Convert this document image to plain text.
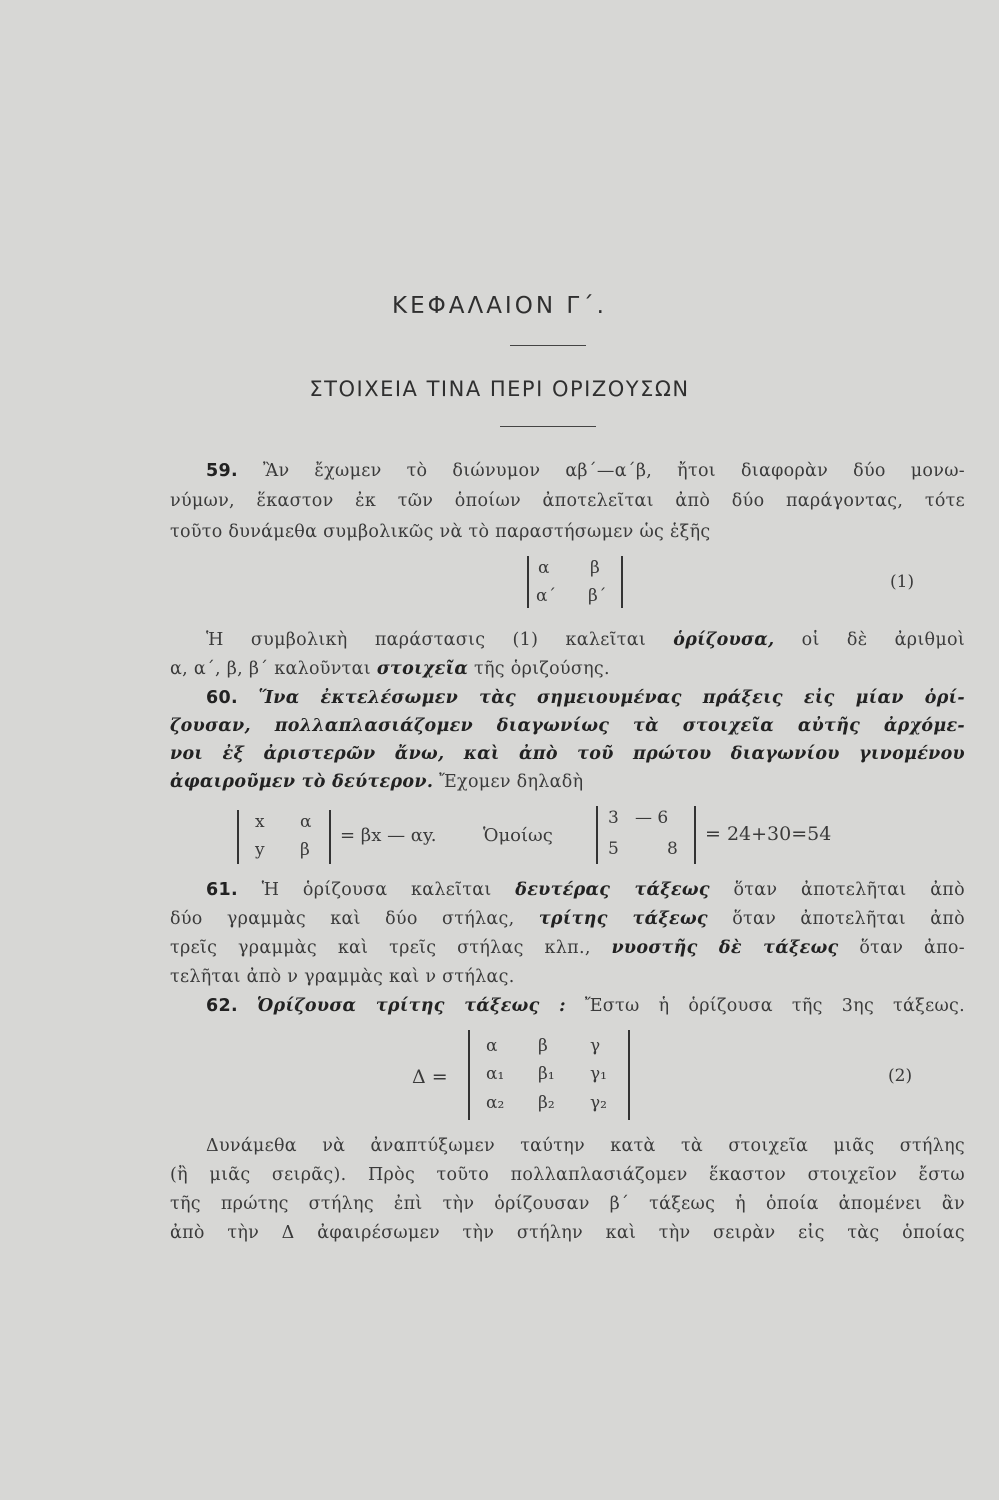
ΚΕΦΑΛΑΙΟΝ Γ΄.
ΣΤΟΙΧΕΙΑ ΤΙΝΑ ΠΕΡΙ ΟΡΙΖΟΥΣΩΝ
59. Ἂν ἔχωμεν τὸ διώνυμον αβ΄—α΄β, ἤτοι διαφορὰν δύο μονω-
νύμων, ἕκαστον ἐκ τῶν ὁποίων ἀποτελεῖται ἀπὸ δύο παράγοντας, τότε
τοῦτο δυνάμεθα συμβολικῶς νὰ τὸ παραστήσωμεν ὡς ἑξῆς
α β
α΄ β΄
(1)
Ἡ συμβολικὴ παράστασις (1) καλεῖται ὁρίζουσα, οἱ δὲ ἀριθμοὶ
α, α΄, β, β΄ καλοῦνται στοιχεῖα τῆς ὁριζούσης.
60. Ἵνα ἐκτελέσωμεν τὰς σημειουμένας πράξεις εἰς μίαν ὁρί-
ζουσαν, πολλαπλασιάζομεν διαγωνίως τὰ στοιχεῖα αὐτῆς ἀρχόμε-
νοι ἐξ ἀριστερῶν ἄνω, καὶ ἀπὸ τοῦ πρώτου διαγωνίου γινομένου
ἀφαιροῦμεν τὸ δεύτερον. Ἔχομεν δηλαδὴ
x α
y β
= βx — αy.	Ὁμοίως
3 — 6
5	8
= 24+30=54
61. Ἡ ὁρίζουσα καλεῖται δευτέρας τάξεως ὅταν ἀποτελῆται ἀπὸ
δύο γραμμὰς καὶ δύο στήλας, τρίτης τάξεως ὅταν ἀποτελῆται ἀπὸ
τρεῖς γραμμὰς καὶ τρεῖς στήλας κλπ., νυοστῆς δὲ τάξεως ὅταν ἀπο-
τελῆται ἀπὸ ν γραμμὰς καὶ ν στήλας.
62. Ὁρίζουσα τρίτης τάξεως : Ἔστω ἡ ὁρίζουσα τῆς 3ης τάξεως.
Δ =
α β γ
α₁ β₁ γ₁
α₂ β₂ γ₂
(2)
Δυνάμεθα νὰ ἀναπτύξωμεν ταύτην κατὰ τὰ στοιχεῖα μιᾶς στήλης
(ἢ μιᾶς σειρᾶς). Πρὸς τοῦτο πολλαπλασιάζομεν ἕκαστον στοιχεῖον ἔστω
τῆς πρώτης στήλης ἐπὶ τὴν ὁρίζουσαν β΄ τάξεως ἡ ὁποία ἀπομένει ἂν
ἀπὸ τὴν Δ ἀφαιρέσωμεν τὴν στήλην καὶ τὴν σειρὰν εἰς τὰς ὁποίας
